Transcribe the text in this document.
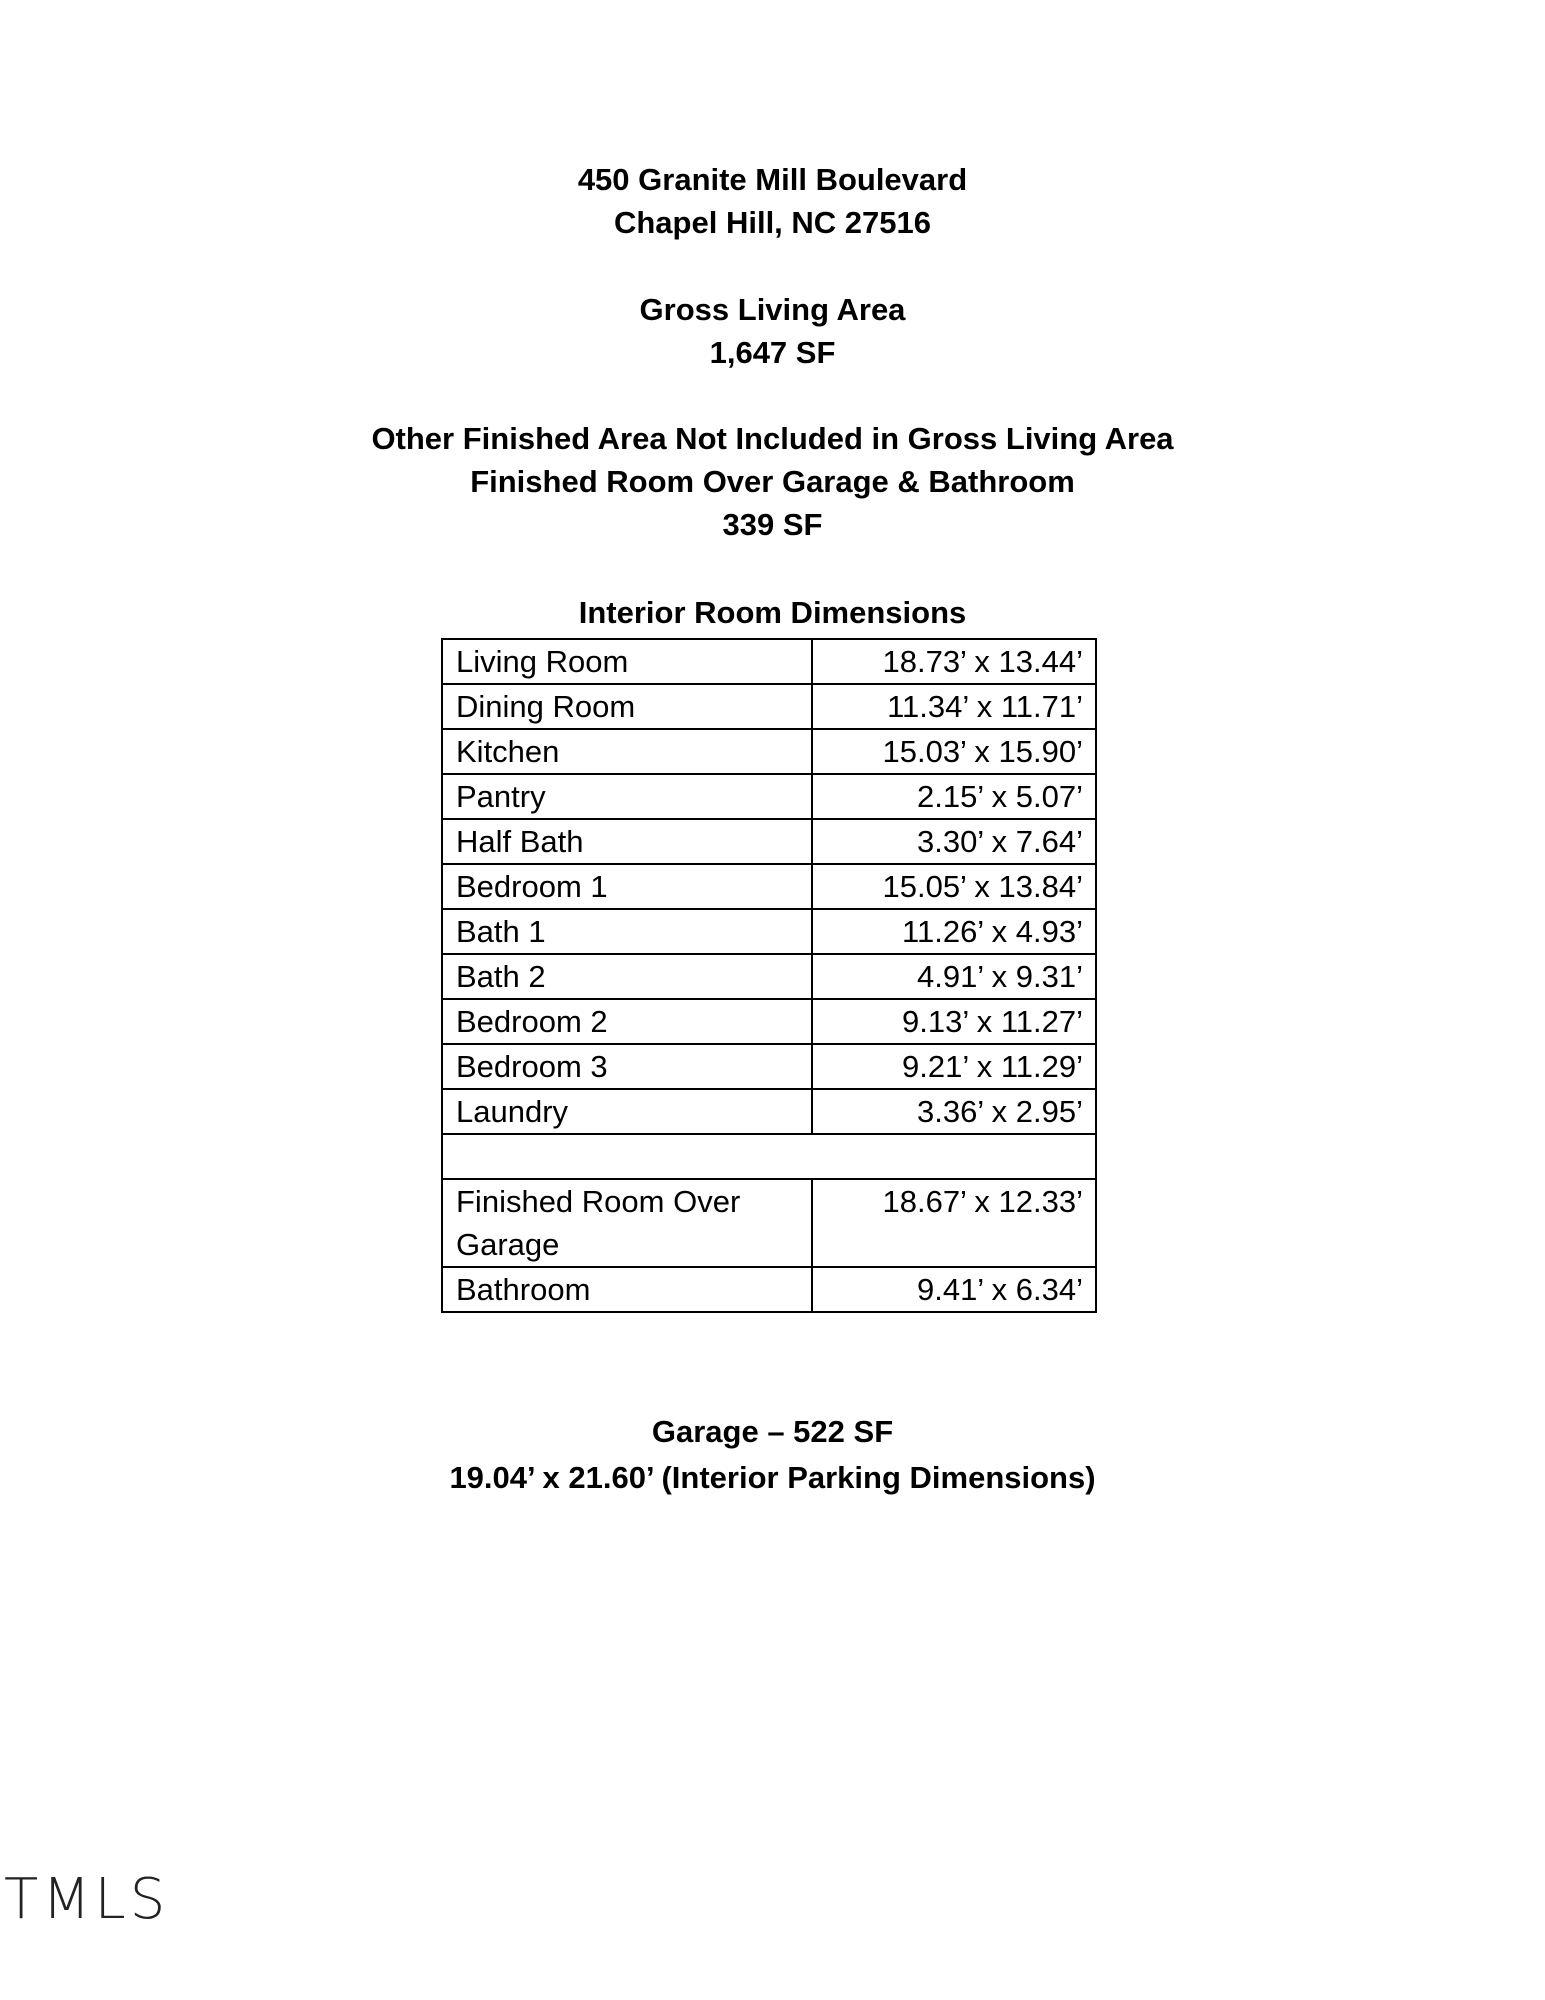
450 Granite Mill Boulevard
Chapel Hill, NC 27516
Gross Living Area
1,647 SF
Other Finished Area Not Included in Gross Living Area
Finished Room Over Garage & Bathroom
339 SF
Interior Room Dimensions
Living Room	18.73’ x 13.44’
Dining Room	11.34’ x 11.71’
Kitchen	15.03’ x 15.90’
Pantry	2.15’ x 5.07’
Half Bath	3.30’ x 7.64’
Bedroom 1	15.05’ x 13.84’
Bath 1	11.26’ x 4.93’
Bath 2	4.91’ x 9.31’
Bedroom 2	9.13’ x 11.27’
Bedroom 3	9.21’ x 11.29’
Laundry	3.36’ x 2.95’

Finished Room Over Garage	18.67’ x 12.33’
Bathroom	9.41’ x 6.34’
Garage – 522 SF
19.04’ x 21.60’ (Interior Parking Dimensions)
TMLS
